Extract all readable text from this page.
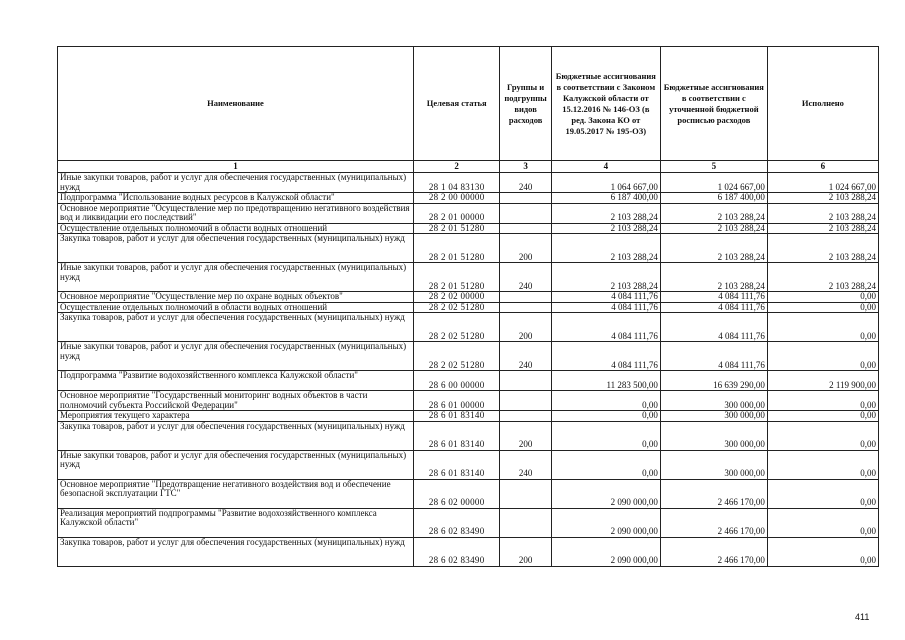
Наименование	Целевая статья	Группы и подгруппы видов расходов	Бюджетные ассигнования в соответствии с Законом Калужской области от 15.12.2016 № 146-ОЗ (в ред. Закона КО от 19.05.2017 № 195-ОЗ)	Бюджетные ассигнования в соответствии с уточненной бюджетной росписью расходов	Исполнено
1	2	3	4	5	6
Иные закупки товаров, работ и услуг для обеспечения государственных (муниципальных) нужд	28 1 04 83130	240	1 064 667,00	1 024 667,00	1 024 667,00
Подпрограмма "Использование водных ресурсов в Калужской области"	28 2 00 00000		6 187 400,00	6 187 400,00	2 103 288,24
Основное мероприятие "Осуществление мер по предотвращению негативного воздействия вод и ликвидации его последствий"	28 2 01 00000		2 103 288,24	2 103 288,24	2 103 288,24
Осуществление отдельных полномочий в области водных отношений	28 2 01 51280		2 103 288,24	2 103 288,24	2 103 288,24
Закупка товаров, работ и услуг для обеспечения государственных (муниципальных) нужд	28 2 01 51280	200	2 103 288,24	2 103 288,24	2 103 288,24
Иные закупки товаров, работ и услуг для обеспечения государственных (муниципальных) нужд	28 2 01 51280	240	2 103 288,24	2 103 288,24	2 103 288,24
Основное мероприятие "Осуществление мер по охране водных объектов"	28 2 02 00000		4 084 111,76	4 084 111,76	0,00
Осуществление отдельных полномочий в области водных отношений	28 2 02 51280		4 084 111,76	4 084 111,76	0,00
Закупка товаров, работ и услуг для обеспечения государственных (муниципальных) нужд	28 2 02 51280	200	4 084 111,76	4 084 111,76	0,00
Иные закупки товаров, работ и услуг для обеспечения государственных (муниципальных) нужд	28 2 02 51280	240	4 084 111,76	4 084 111,76	0,00
Подпрограмма "Развитие водохозяйственного комплекса Калужской области"	28 6 00 00000		11 283 500,00	16 639 290,00	2 119 900,00
Основное мероприятие "Государственный мониторинг водных объектов в части полномочий субъекта Российской Федерации"	28 6 01 00000		0,00	300 000,00	0,00
Мероприятия текущего характера	28 6 01 83140		0,00	300 000,00	0,00
Закупка товаров, работ и услуг для обеспечения государственных (муниципальных) нужд	28 6 01 83140	200	0,00	300 000,00	0,00
Иные закупки товаров, работ и услуг для обеспечения государственных (муниципальных) нужд	28 6 01 83140	240	0,00	300 000,00	0,00
Основное мероприятие "Предотвращение негативного воздействия вод и обеспечение безопасной эксплуатации ГТС"	28 6 02 00000		2 090 000,00	2 466 170,00	0,00
Реализация мероприятий подпрограммы "Развитие водохозяйственного комплекса Калужской области"	28 6 02 83490		2 090 000,00	2 466 170,00	0,00
Закупка товаров, работ и услуг для обеспечения государственных (муниципальных) нужд	28 6 02 83490	200	2 090 000,00	2 466 170,00	0,00
411
